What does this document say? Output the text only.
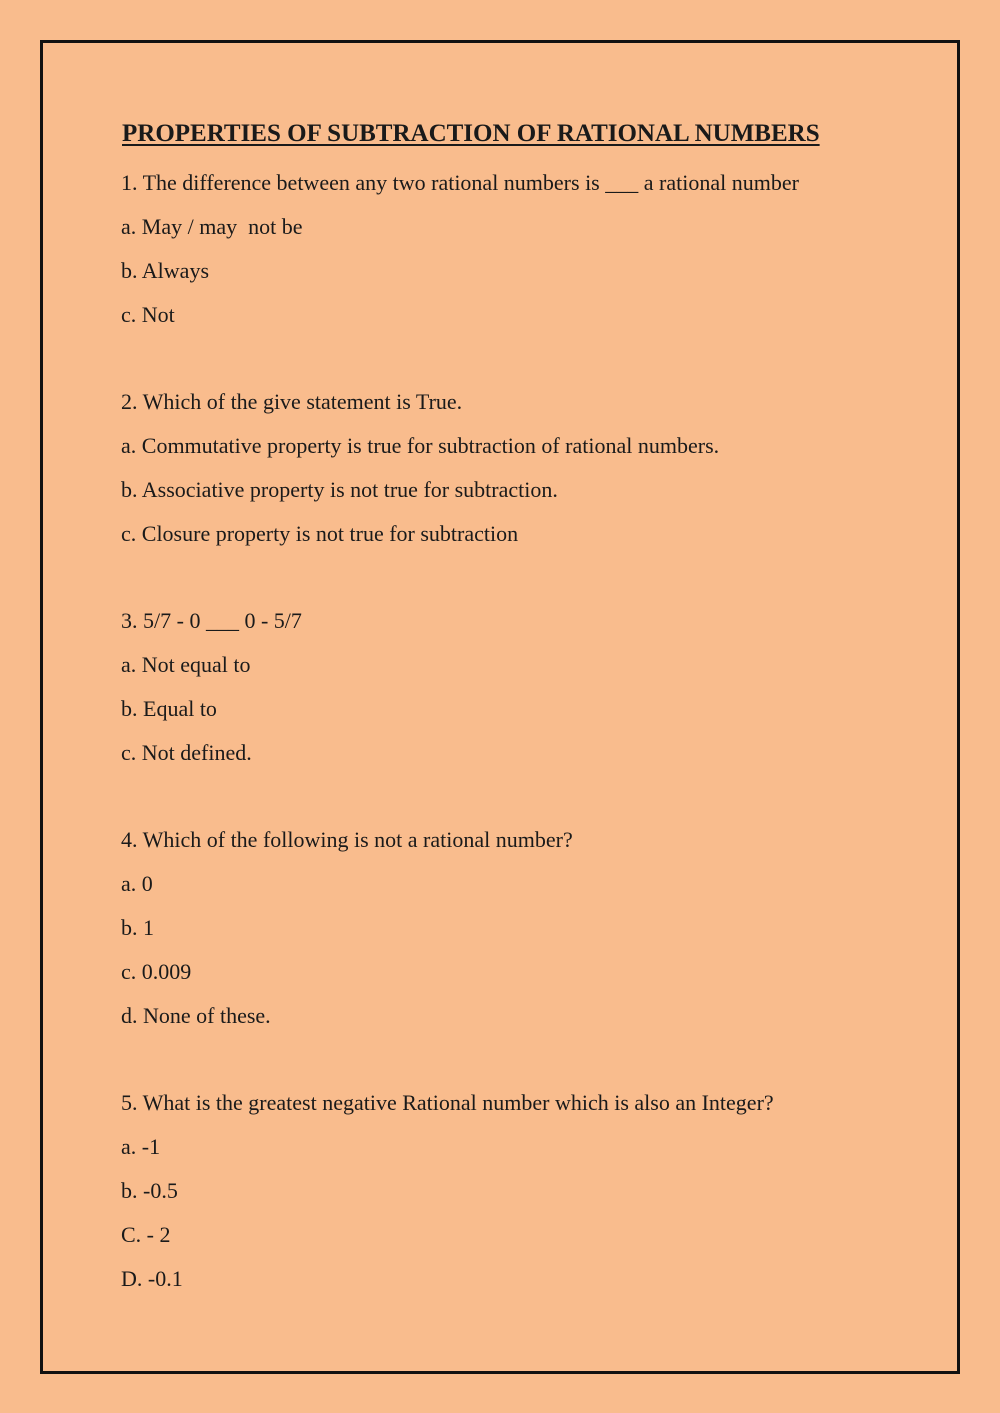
PROPERTIES OF SUBTRACTION OF RATIONAL NUMBERS
1. The difference between any two rational numbers is ___ a rational number
a. May / may  not be
b. Always
c. Not
2. Which of the give statement is True.
a. Commutative property is true for subtraction of rational numbers.
b. Associative property is not true for subtraction.
c. Closure property is not true for subtraction
3. 5/7 - 0 ___ 0 - 5/7
a. Not equal to
b. Equal to
c. Not defined.
4. Which of the following is not a rational number?
a. 0
b. 1
c. 0.009
d. None of these.
5. What is the greatest negative Rational number which is also an Integer?
a. -1
b. -0.5
C. - 2
D. -0.1
